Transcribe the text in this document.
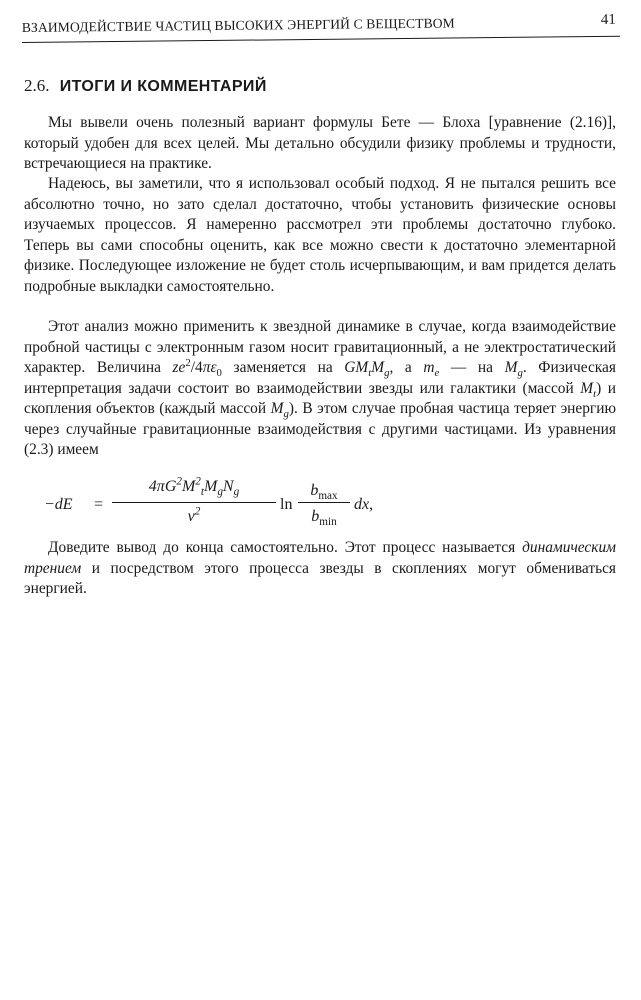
ВЗАИМОДЕЙСТВИЕ ЧАСТИЦ ВЫСОКИХ ЭНЕРГИЙ С ВЕЩЕСТВОМ	41
2.6. ИТОГИ И КОММЕНТАРИЙ

Мы вывели очень полезный вариант формулы Бете — Блоха [уравнение (2.16)], который удобен для всех целей. Мы детально обсудили физику проблемы и трудности, встречающиеся на практике.

Надеюсь, вы заметили, что я использовал особый подход. Я не пытался решить все абсолютно точно, но зато сделал достаточно, чтобы установить физические основы изучаемых процессов. Я намеренно рассмотрел эти проблемы достаточно глубоко. Теперь вы сами способны оценить, как все можно свести к достаточно элементарной физике. Последующее изложение не будет столь исчерпывающим, и вам придется делать подробные выкладки самостоятельно.

Этот анализ можно применить к звездной динамике в случае, когда взаимодействие пробной частицы с электронным газом носит гравитационный, а не электростатический характер. Величина $ze^2/4\pi\varepsilon_0$ заменяется на $GM_tM_g$, а $m_e$ — на $M_g$. Физическая интерпретация задачи состоит во взаимодействии звезды или галактики (массой $M_t$) и скопления объектов (каждый массой $M_g$). В этом случае пробная частица теряет энергию через случайные гравитационные взаимодействия с другими частицами. Из уравнения (2.3) имеем

−dE =
$4\pi G^2M^2_tM_gN_g$
$v^2$	ln
$b_{max}$
$b_{min}$
dx,

Доведите вывод до конца самостоятельно. Этот процесс называется динамическим трением и посредством этого процесса звезды в скоплениях могут обмениваться энергией.
